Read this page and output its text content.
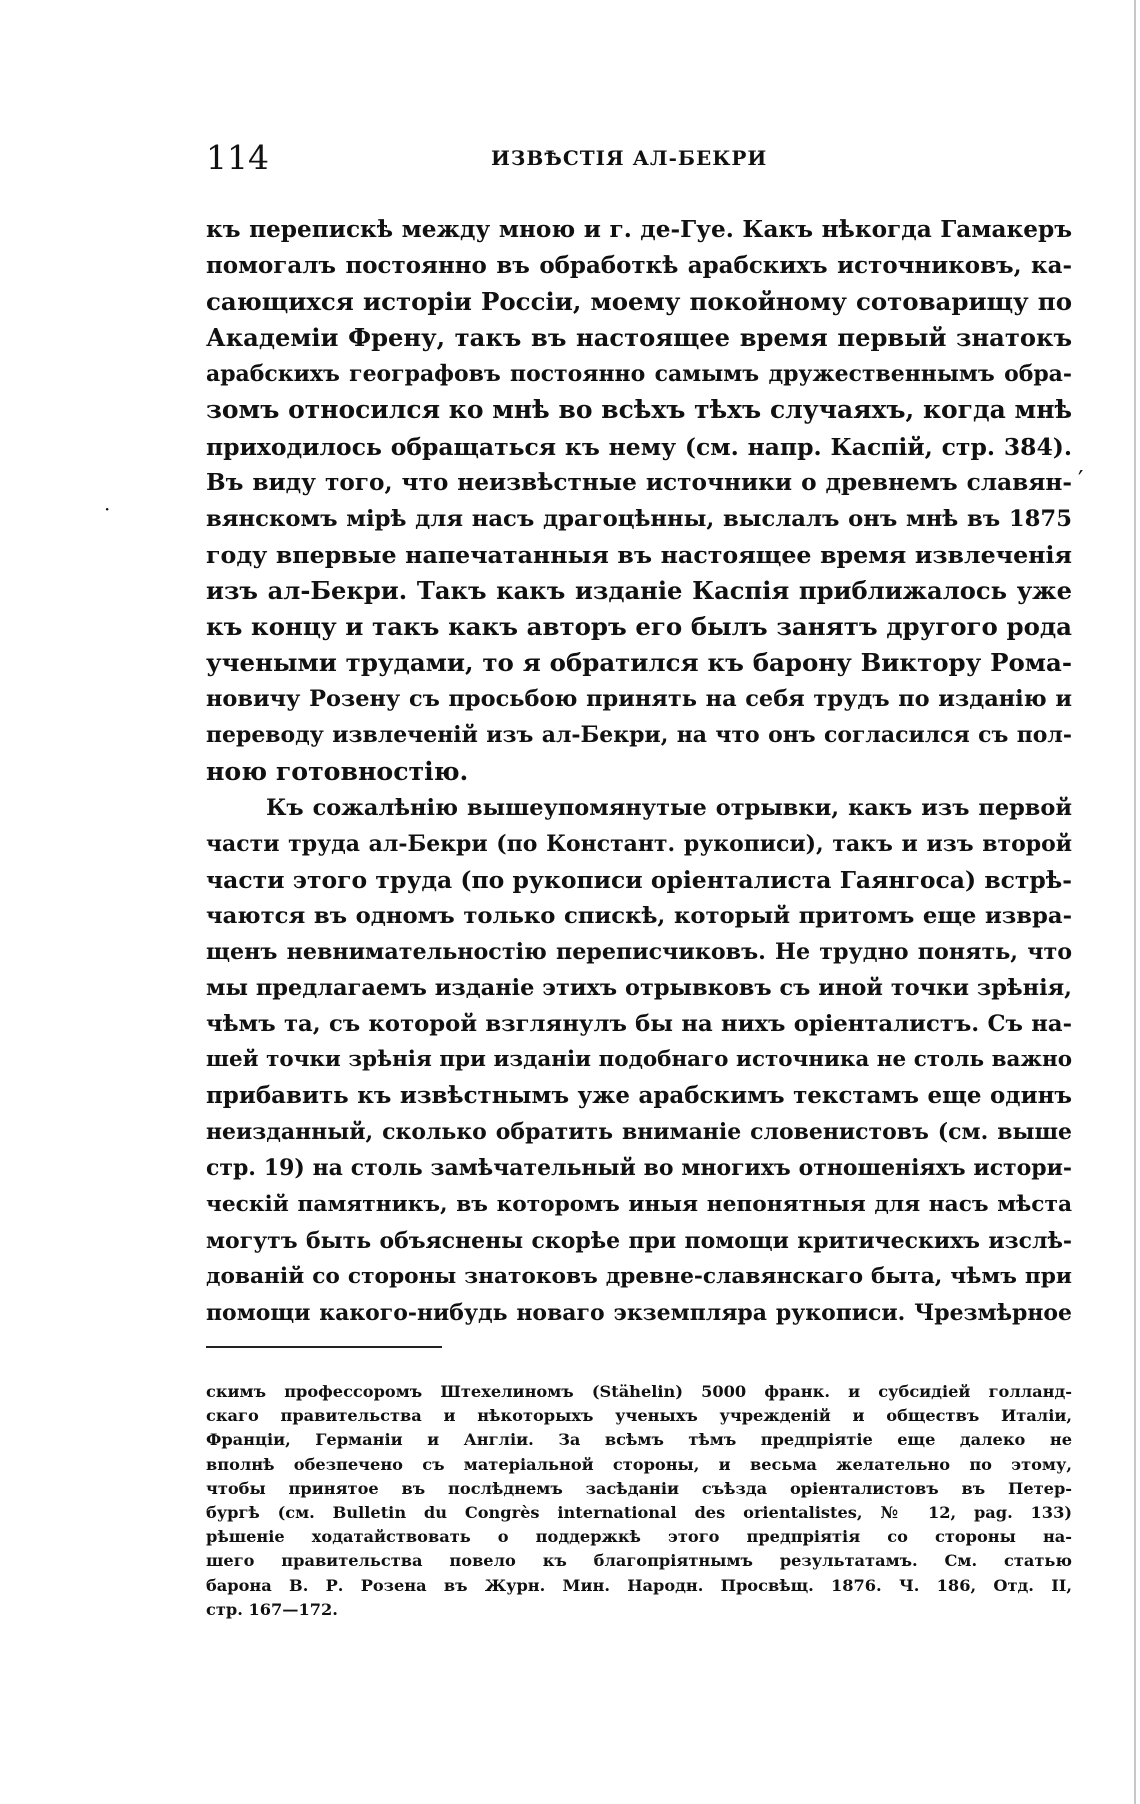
114	ИЗВѢСТІЯ АЛ-БЕКРИ
къ перепискѣ между мною и г. де-Гуе. Какъ нѣкогда Гамакеръ
помогалъ постоянно въ обработкѣ арабскихъ источниковъ, ка-
сающихся исторіи Россіи, моему покойному сотоварищу по
Академіи Френу, такъ въ настоящее время первый знатокъ
арабскихъ географовъ постоянно самымъ дружественнымъ обра-
зомъ относился ко мнѣ во всѣхъ тѣхъ случаяхъ, когда мнѣ
приходилось обращаться къ нему (см. напр. Каспій, стр. 384).
Въ виду того, что неизвѣстные источники о древнемъ славян-
вянскомъ мірѣ для насъ драгоцѣнны, выслалъ онъ мнѣ въ 1875
году впервые напечатанныя въ настоящее время извлеченія
изъ ал-Бекри. Такъ какъ изданіе Каспія приближалось уже
къ концу и такъ какъ авторъ его былъ занятъ другого рода
учеными трудами, то я обратился къ барону Виктору Рома-
новичу Розену съ просьбою принять на себя трудъ по изданію и
переводу извлеченій изъ ал-Бекри, на что онъ согласился съ пол-
ною готовностію.
Къ сожалѣнію вышеупомянутые отрывки, какъ изъ первой
части труда ал-Бекри (по Констант. рукописи), такъ и изъ второй
части этого труда (по рукописи оріенталиста Гаянгоса) встрѣ-
чаются въ одномъ только спискѣ, который притомъ еще извра-
щенъ невнимательностію переписчиковъ. Не трудно понять, что
мы предлагаемъ изданіе этихъ отрывковъ съ иной точки зрѣнія,
чѣмъ та, съ которой взглянулъ бы на нихъ оріенталистъ. Съ на-
шей точки зрѣнія при изданіи подобнаго источника не столь важно
прибавить къ извѣстнымъ уже арабскимъ текстамъ еще одинъ
неизданный, сколько обратить вниманіе словенистовъ (см. выше
стр. 19) на столь замѣчательный во многихъ отношеніяхъ истори-
ческій памятникъ, въ которомъ иныя непонятныя для насъ мѣста
могутъ быть объяснены скорѣе при помощи критическихъ изслѣ-
дованій со стороны знатоковъ древне-славянскаго быта, чѣмъ при
помощи какого-нибудь новаго экземпляра рукописи. Чрезмѣрное
′
·
скимъ профессоромъ Штехелиномъ (Stähelin) 5000 франк. и субсидіей голланд-
скаго правительства и нѣкоторыхъ ученыхъ учрежденій и обществъ Италіи,
Франціи, Германіи и Англіи. За всѣмъ тѣмъ предпріятіе еще далеко не
вполнѣ обезпечено съ матеріальной стороны, и весьма желательно по этому,
чтобы принятое въ послѣднемъ засѣданіи съѣзда оріенталистовъ въ Петер-
бургѣ (см. Bulletin du Congrès international des orientalistes, № 12, pag. 133)
рѣшеніе ходатайствовать о поддержкѣ этого предпріятія со стороны на-
шего правительства повело къ благопріятнымъ результатамъ. См. статью
барона В. Р. Розена въ Журн. Мин. Народн. Просвѣщ. 1876. Ч. 186, Отд. II,
стр. 167—172.
